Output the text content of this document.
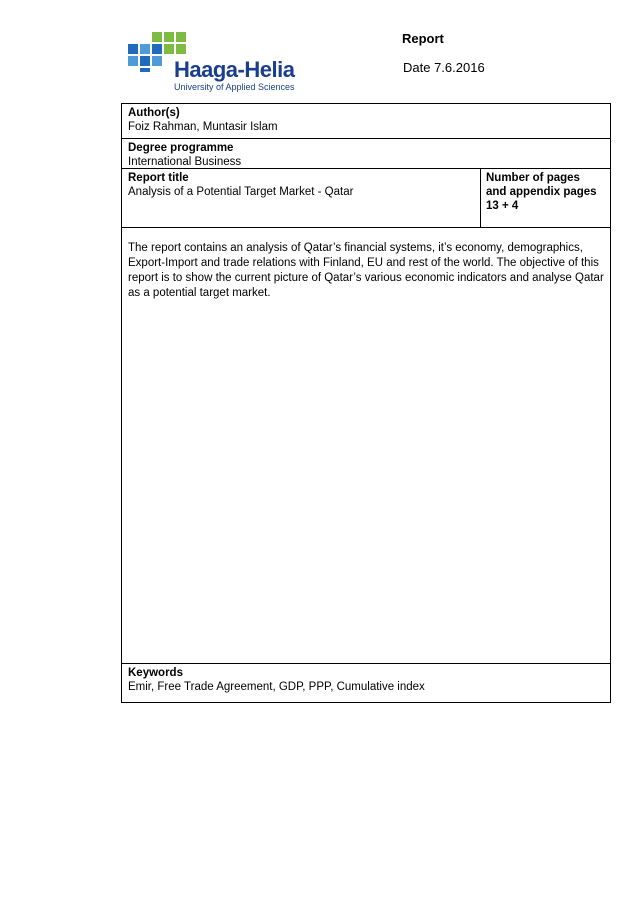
Haaga-Helia
University of Applied Sciences
Report
Date 7.6.2016
Author(s)
Foiz Rahman, Muntasir Islam
Degree programme
International Business
Report title
Analysis of a Potential Target Market - Qatar
Number of pages
and appendix pages
13 + 4
The report contains an analysis of Qatar’s financial systems, it’s economy, demographics, Export-Import and trade relations with Finland, EU and rest of the world. The objective of this report is to show the current picture of Qatar’s various economic indicators and analyse Qatar as a potential target market.
Keywords
Emir, Free Trade Agreement, GDP, PPP, Cumulative index
